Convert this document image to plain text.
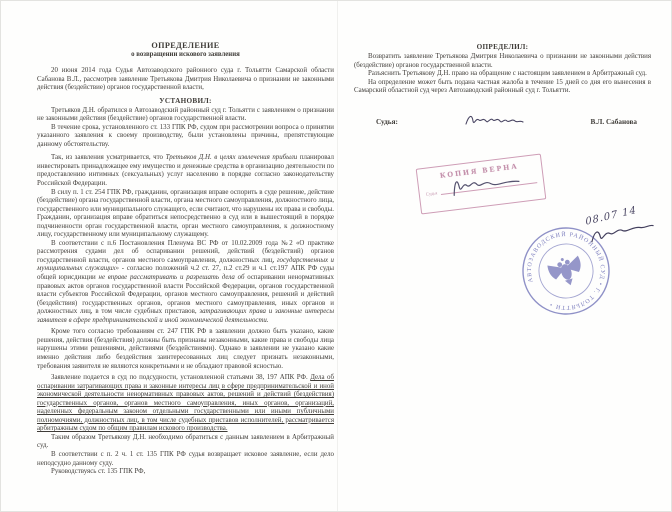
ОПРЕДЕЛЕНИЕ
о возвращении искового заявления

20 июня 2014 года Судья Автозаводского районного суда г. Тольятти Самарской области Сабанова В.Л., рассмотрев заявление Третьякова Дмитрия Николаевича о признании не законными действия (бездействие) органов государственной власти,

УСТАНОВИЛ:

Третьяков Д.Н. обратился в Автозаводский районный суд г. Тольятти с заявлением о признании не законными действия (бездействие) органов государственной власти.

В течение срока, установленного ст. 133 ГПК РФ, судом при рассмотрении вопроса о принятии указанного заявления к своему производству, были установлены причины, препятствующие данному обстоятельству.

Так, из заявления усматривается, что Третьяков Д.Н. в целях извлечения прибыли планировал инвестировать принадлежащее ему имущество и денежные средства в организацию деятельности по предоставлению интимных (сексуальных) услуг населению в порядке согласно законодательству Российской Федерации.

В силу п. 1 ст. 254 ГПК РФ, гражданин, организация вправе оспорить в суде решение, действие (бездействие) органа государственной власти, органа местного самоуправления, должностного лица, государственного или муниципального служащего, если считают, что нарушены их права и свободы. Гражданин, организация вправе обратиться непосредственно в суд или в вышестоящий в порядке подчиненности орган государственной власти, орган местного самоуправления, к должностному лицу, государственному или муниципальному служащему.

В соответствии с п.6 Постановления Пленума ВС РФ от 10.02.2009 года №2 «О практике рассмотрения судами дел об оспаривании решений, действий (бездействий) органов государственной власти, органов местного самоуправления, должностных лиц, государственных и муниципальных служащих» - согласно положений ч.2 ст. 27, п.2 ст.29 и ч.1 ст.197 АПК РФ суды общей юрисдикции не вправе рассматривать и разрешать дела об оспаривании ненормативных правовых актов органов государственной власти Российской Федерации, органов государственной власти субъектов Российской Федерации, органов местного самоуправления, решений и действий (бездействия) государственных органов, органов местного самоуправления, иных органов и должностных лиц, в том числе судебных приставов, затрагивающих права и законные интересы заявителя в сфере предпринимательской и иной экономической деятельности.

Кроме того согласно требованиям ст. 247 ГПК РФ в заявлении должно быть указано, какие решения, действия (бездействия) должны быть признаны незаконными, какие права и свободы лица нарушены этими решениями, действиями (бездействиями). Однако в заявлении не указано какие именно действия либо бездействия заинтересованных лиц следует признать незаконными, требования заявителя не являются конкретными и не обладают правовой ясностью.

Заявление подается в суд по подсудности, установленной статьями 38, 197 АПК РФ. Дела об оспаривании затрагивающих права и законные интересы лиц в сфере предпринимательской и иной экономической деятельности ненормативных правовых актов, решений и действий (бездействия) государственных органов, органов местного самоуправления, иных органов, организаций, наделенных федеральным законом отдельными государственными или иными публичными полномочиями, должностных лиц, в том числе судебных приставов исполнителей, рассматривается арбитражным судом по общим правилам искового производства.

Таким образом Третьякову Д.Н. необходимо обратиться с данным заявлением в Арбитражный суд.

В соответствии с п. 2 ч. 1 ст. 135 ГПК РФ судья возвращает исковое заявление, если дело неподсудно данному суду.

Руководствуясь ст. 135 ГПК РФ,

ОПРЕДЕЛИЛ:

Возвратить заявление Третьякова Дмитрия Николаевича о признании не законными действия (бездействие) органов государственной власти.

Разъяснить Третьякову Д.Н. право на обращение с настоящим заявлением в Арбитражный суд.

На определение может быть подана частная жалоба в течение 15 дней со дня его вынесения в Самарский областной суд через Автозаводский районный суд г. Тольятти.

Судья:	В.Л. Сабанова
КОПИЯ ВЕРНА
Судья
АВТОЗАВОДСКИЙ РАЙОННЫЙ СУД • Г. ТОЛЬЯТТИ •
08.07 14
